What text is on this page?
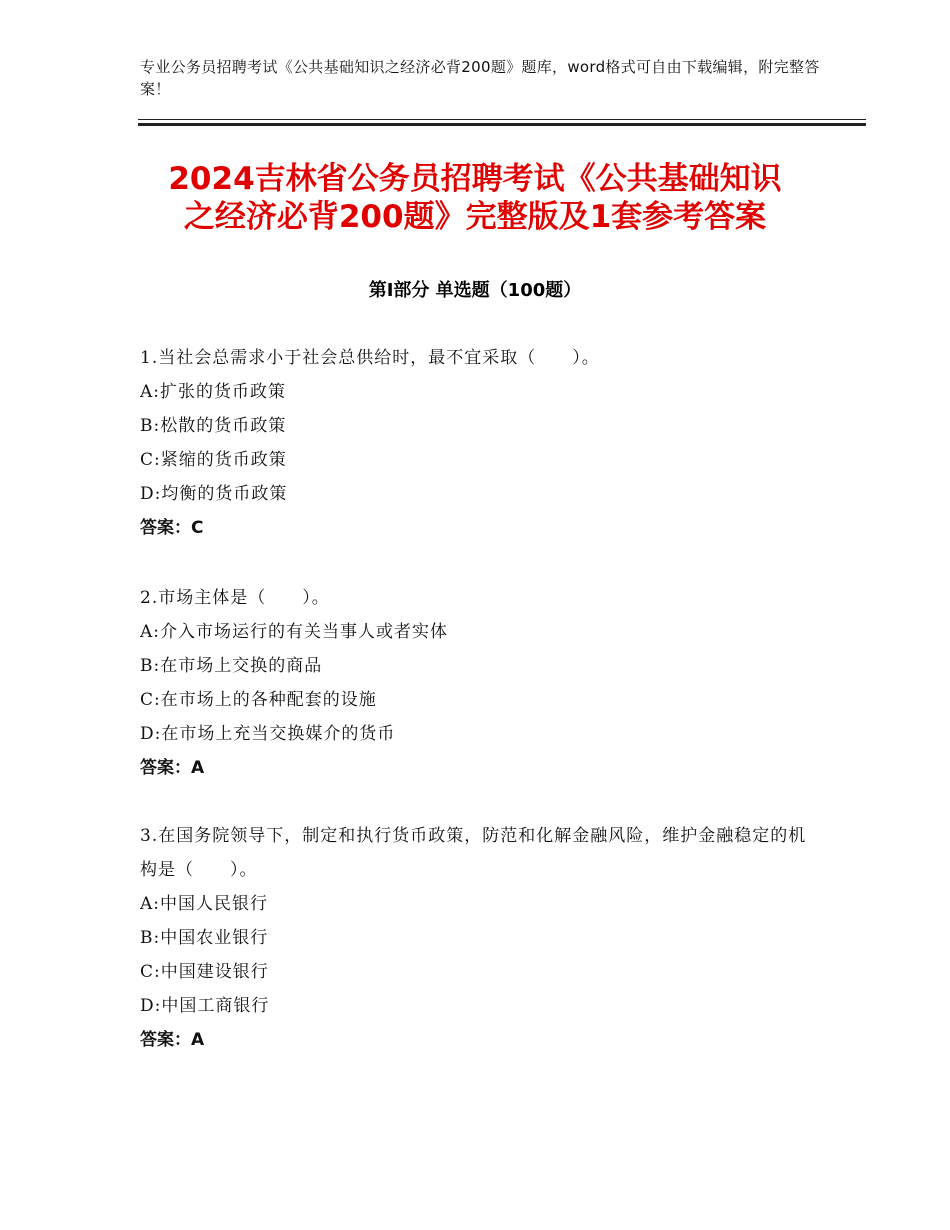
专业公务员招聘考试《公共基础知识之经济必背200题》题库，word格式可自由下载编辑，附完整答案！
2024吉林省公务员招聘考试《公共基础知识
之经济必背200题》完整版及1套参考答案
第I部分 单选题（100题）
1.当社会总需求小于社会总供给时，最不宜采取（　　）。
A:扩张的货币政策
B:松散的货币政策
C:紧缩的货币政策
D:均衡的货币政策
答案：C
2.市场主体是（　　）。
A:介入市场运行的有关当事人或者实体
B:在市场上交换的商品
C:在市场上的各种配套的设施
D:在市场上充当交换媒介的货币
答案：A
3.在国务院领导下，制定和执行货币政策，防范和化解金融风险，维护金融稳定的机构是（　　）。
A:中国人民银行
B:中国农业银行
C:中国建设银行
D:中国工商银行
答案：A
